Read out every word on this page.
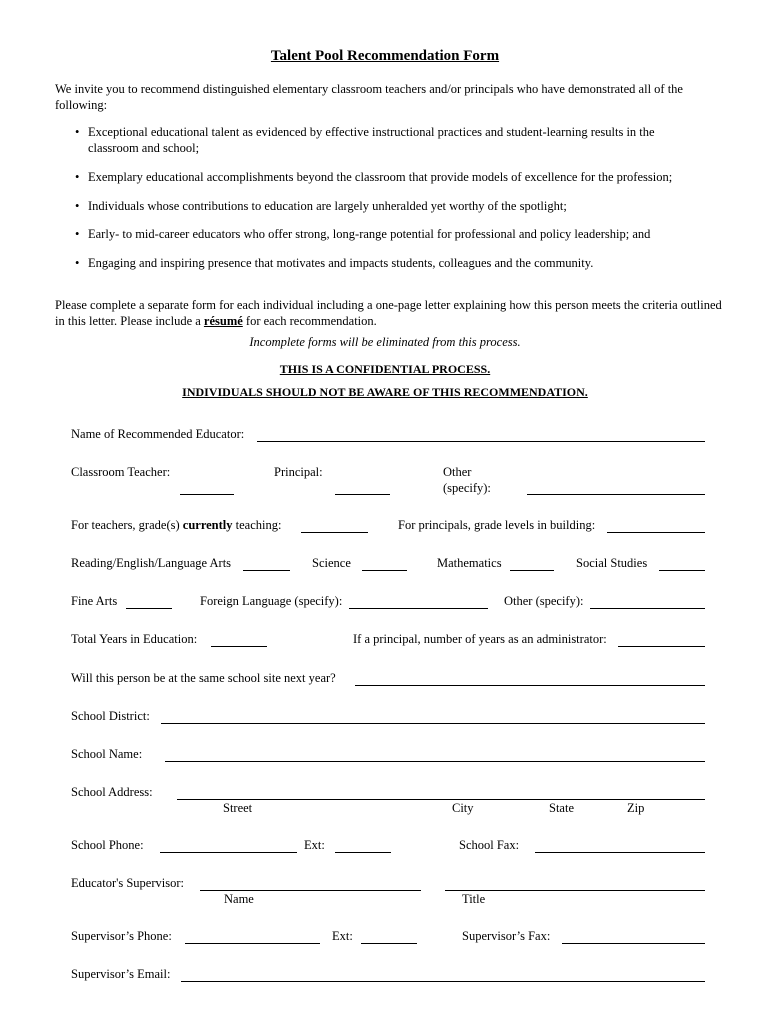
Talent Pool Recommendation Form
We invite you to recommend distinguished elementary classroom teachers and/or principals who have demonstrated all of the following:
• Exceptional educational talent as evidenced by effective instructional practices and student-learning results in the classroom and school;
• Exemplary educational accomplishments beyond the classroom that provide models of excellence for the profession;
• Individuals whose contributions to education are largely unheralded yet worthy of the spotlight;
• Early- to mid-career educators who offer strong, long-range potential for professional and policy leadership; and
• Engaging and inspiring presence that motivates and impacts students, colleagues and the community.
Please complete a separate form for each individual including a one-page letter explaining how this person meets the criteria outlined in this letter. Please include a résumé for each recommendation.
Incomplete forms will be eliminated from this process.
THIS IS A CONFIDENTIAL PROCESS.
INDIVIDUALS SHOULD NOT BE AWARE OF THIS RECOMMENDATION.
Name of Recommended Educator:
Classroom Teacher:	Principal:	Other
(specify):
For teachers, grade(s) currently teaching:	For principals, grade levels in building:
Reading/English/Language Arts	Science	Mathematics	Social Studies
Fine Arts	Foreign Language (specify):	Other (specify):
Total Years in Education:	If a principal, number of years as an administrator:
Will this person be at the same school site next year?
School District:
School Name:
School Address:
Street	City	State	Zip
School Phone:	Ext:	School Fax:
Educator's Supervisor:
Name	Title
Supervisor’s Phone:	Ext:	Supervisor’s Fax:
Supervisor’s Email:
